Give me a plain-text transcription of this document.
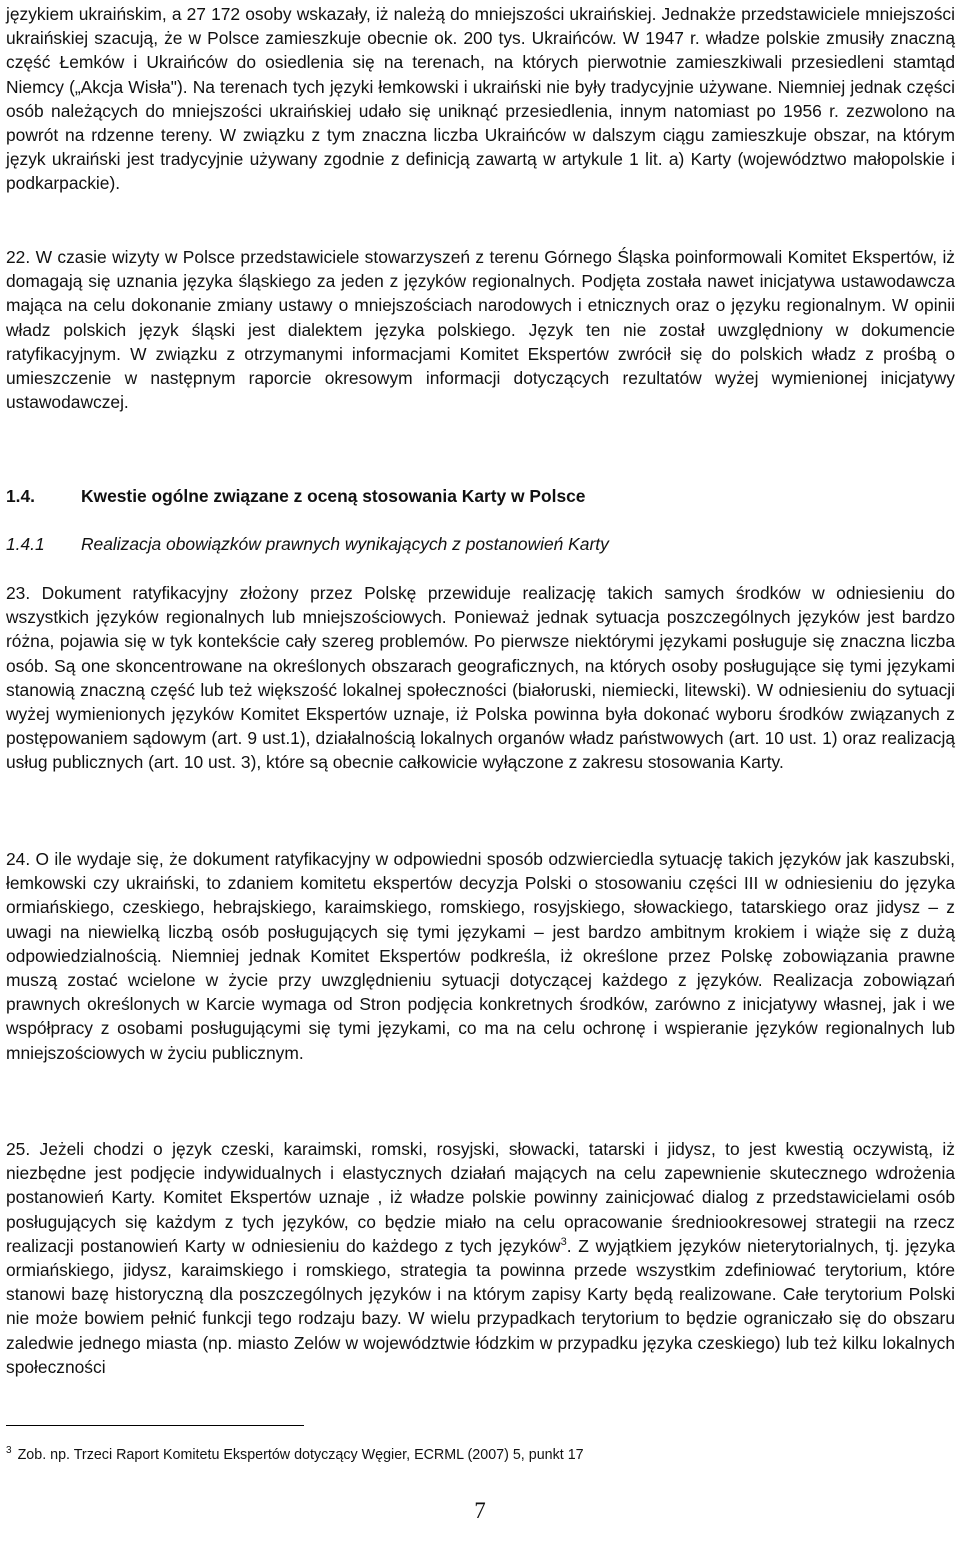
językiem ukraińskim, a 27 172 osoby wskazały, iż należą do mniejszości ukraińskiej. Jednakże przedstawiciele mniejszości ukraińskiej szacują, że w Polsce zamieszkuje obecnie ok. 200 tys. Ukraińców. W 1947 r. władze polskie zmusiły znaczną część Łemków i Ukraińców do osiedlenia się na terenach, na których pierwotnie zamieszkiwali przesiedleni stamtąd Niemcy („Akcja Wisła"). Na terenach tych języki łemkowski i ukraiński nie były tradycyjnie używane. Niemniej jednak części osób należących do mniejszości ukraińskiej udało się uniknąć przesiedlenia, innym natomiast po 1956 r. zezwolono na powrót na rdzenne tereny. W związku z tym znaczna liczba Ukraińców w dalszym ciągu zamieszkuje obszar, na którym język ukraiński jest tradycyjnie używany zgodnie z definicją zawartą w artykule 1 lit. a) Karty (województwo małopolskie i podkarpackie).

22. W czasie wizyty w Polsce przedstawiciele stowarzyszeń z terenu Górnego Śląska poinformowali Komitet Ekspertów, iż domagają się uznania języka śląskiego za jeden z języków regionalnych. Podjęta została nawet inicjatywa ustawodawcza mająca na celu dokonanie zmiany ustawy o mniejszościach narodowych i etnicznych oraz o języku regionalnym. W opinii władz polskich język śląski jest dialektem języka polskiego. Język ten nie został uwzględniony w dokumencie ratyfikacyjnym. W związku z otrzymanymi informacjami Komitet Ekspertów zwrócił się do polskich władz z prośbą o umieszczenie w następnym raporcie okresowym informacji dotyczących rezultatów wyżej wymienionej inicjatywy ustawodawczej.

1.4.	Kwestie ogólne związane z oceną stosowania Karty w Polsce
1.4.1 Realizacja obowiązków prawnych wynikających z postanowień Karty

23. Dokument ratyfikacyjny złożony przez Polskę przewiduje realizację takich samych środków w odniesieniu do wszystkich języków regionalnych lub mniejszościowych. Ponieważ jednak sytuacja poszczególnych języków jest bardzo różna, pojawia się w tyk kontekście cały szereg problemów. Po pierwsze niektórymi językami posługuje się znaczna liczba osób. Są one skoncentrowane na określonych obszarach geograficznych, na których osoby posługujące się tymi językami stanowią znaczną część lub też większość lokalnej społeczności (białoruski, niemiecki, litewski). W odniesieniu do sytuacji wyżej wymienionych języków Komitet Ekspertów uznaje, iż Polska powinna była dokonać wyboru środków związanych z postępowaniem sądowym (art. 9 ust.1), działalnością lokalnych organów władz państwowych (art. 10 ust. 1) oraz realizacją usług publicznych (art. 10 ust. 3), które są obecnie całkowicie wyłączone z zakresu stosowania Karty.

24. O ile wydaje się, że dokument ratyfikacyjny w odpowiedni sposób odzwierciedla sytuację takich języków jak kaszubski, łemkowski czy ukraiński, to zdaniem komitetu ekspertów decyzja Polski o stosowaniu części III w odniesieniu do języka ormiańskiego, czeskiego, hebrajskiego, karaimskiego, romskiego, rosyjskiego, słowackiego, tatarskiego oraz jidysz – z uwagi na niewielką liczbą osób posługujących się tymi językami – jest bardzo ambitnym krokiem i wiąże się z dużą odpowiedzialnością. Niemniej jednak Komitet Ekspertów podkreśla, iż określone przez Polskę zobowiązania prawne muszą zostać wcielone w życie przy uwzględnieniu sytuacji dotyczącej każdego z języków. Realizacja zobowiązań prawnych określonych w Karcie wymaga od Stron podjęcia konkretnych środków, zarówno z inicjatywy własnej, jak i we współpracy z osobami posługującymi się tymi językami, co ma na celu ochronę i wspieranie języków regionalnych lub mniejszościowych w życiu publicznym.

25. Jeżeli chodzi o język czeski, karaimski, romski, rosyjski, słowacki, tatarski i jidysz, to jest kwestią oczywistą, iż niezbędne jest podjęcie indywidualnych i elastycznych działań mających na celu zapewnienie skutecznego wdrożenia postanowień Karty. Komitet Ekspertów uznaje , iż władze polskie powinny zainicjować dialog z przedstawicielami osób posługujących się każdym z tych języków, co będzie miało na celu opracowanie średniookresowej strategii na rzecz realizacji postanowień Karty w odniesieniu do każdego z tych języków$^3$. Z wyjątkiem języków nieterytorialnych, tj. języka ormiańskiego, jidysz, karaimskiego i romskiego, strategia ta powinna przede wszystkim zdefiniować terytorium, które stanowi bazę historyczną dla poszczególnych języków i na którym zapisy Karty będą realizowane. Całe terytorium Polski nie może bowiem pełnić funkcji tego rodzaju bazy. W wielu przypadkach terytorium to będzie ograniczało się do obszaru zaledwie jednego miasta (np. miasto Zelów w województwie łódzkim w przypadku języka czeskiego) lub też kilku lokalnych społeczności

$^3$ Zob. np. Trzeci Raport Komitetu Ekspertów dotyczący Węgier, ECRML (2007) 5, punkt 17
7
